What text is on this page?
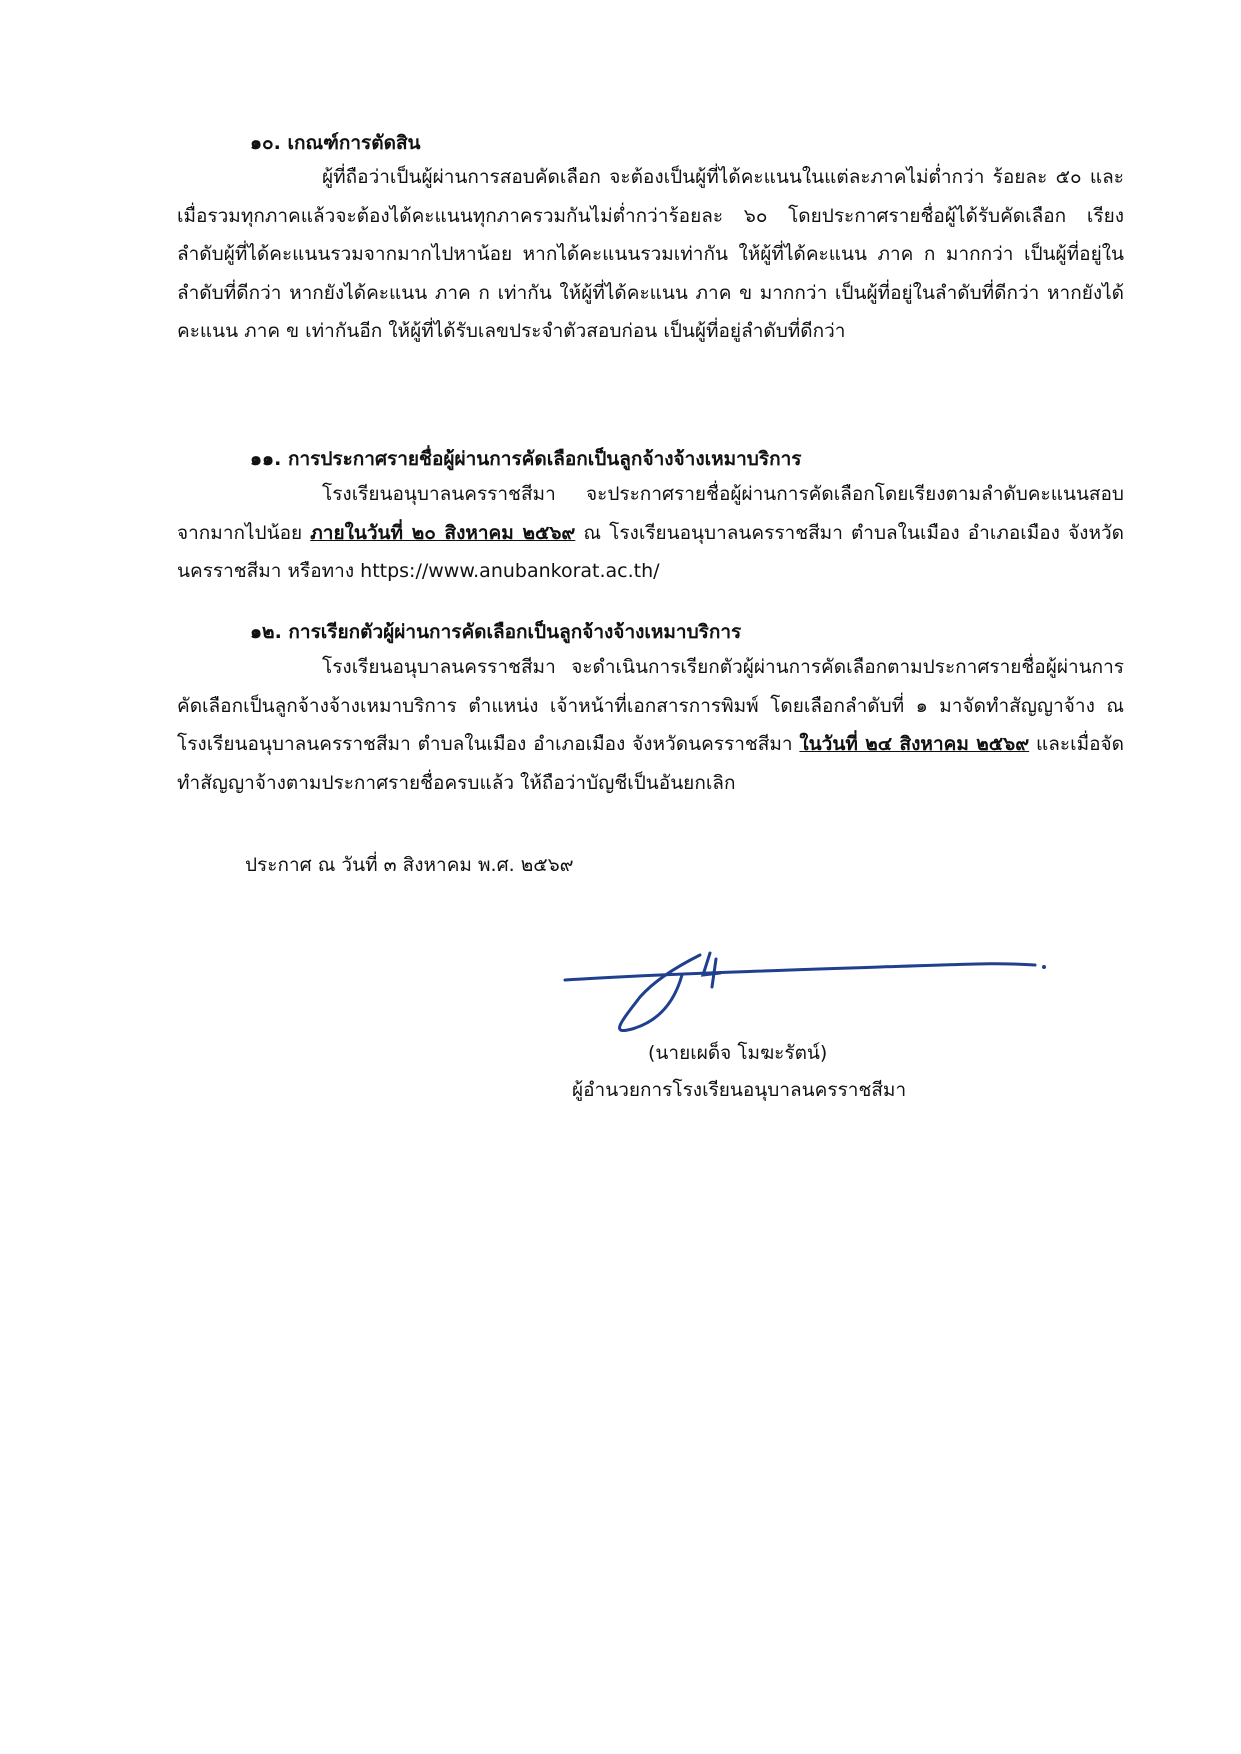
๑๐. เกณฑ์การตัดสิน

ผู้ที่ถือว่าเป็นผู้ผ่านการสอบคัดเลือก จะต้องเป็นผู้ที่ได้คะแนนในแต่ละภาคไม่ต่ำกว่า ร้อยละ ๕๐ และเมื่อรวมทุกภาคแล้วจะต้องได้คะแนนทุกภาครวมกันไม่ต่ำกว่าร้อยละ ๖๐ โดยประกาศรายชื่อผู้ได้รับคัดเลือก เรียงลำดับผู้ที่ได้คะแนนรวมจากมากไปหาน้อย หากได้คะแนนรวมเท่ากัน ให้ผู้ที่ได้คะแนน ภาค ก มากกว่า เป็นผู้ที่อยู่ในลำดับที่ดีกว่า หากยังได้คะแนน ภาค ก เท่ากัน ให้ผู้ที่ได้คะแนน ภาค ข มากกว่า เป็นผู้ที่อยู่ในลำดับที่ดีกว่า หากยังได้คะแนน ภาค ข เท่ากันอีก ให้ผู้ที่ได้รับเลขประจำตัวสอบก่อน เป็นผู้ที่อยู่ลำดับที่ดีกว่า

๑๑. การประกาศรายชื่อผู้ผ่านการคัดเลือกเป็นลูกจ้างจ้างเหมาบริการ

โรงเรียนอนุบาลนครราชสีมา จะประกาศรายชื่อผู้ผ่านการคัดเลือกโดยเรียงตามลำดับคะแนนสอบจากมากไปน้อย ภายในวันที่ ๒๐ สิงหาคม ๒๕๖๙ ณ โรงเรียนอนุบาลนครราชสีมา ตำบลในเมือง อำเภอเมือง จังหวัดนครราชสีมา หรือทาง https://www.anubankorat.ac.th/

๑๒. การเรียกตัวผู้ผ่านการคัดเลือกเป็นลูกจ้างจ้างเหมาบริการ

โรงเรียนอนุบาลนครราชสีมา จะดำเนินการเรียกตัวผู้ผ่านการคัดเลือกตามประกาศรายชื่อผู้ผ่านการคัดเลือกเป็นลูกจ้างจ้างเหมาบริการ ตำแหน่ง เจ้าหน้าที่เอกสารการพิมพ์ โดยเลือกลำดับที่ ๑ มาจัดทำสัญญาจ้าง ณ โรงเรียนอนุบาลนครราชสีมา ตำบลในเมือง อำเภอเมือง จังหวัดนครราชสีมา ในวันที่ ๒๔ สิงหาคม ๒๕๖๙ และเมื่อจัดทำสัญญาจ้างตามประกาศรายชื่อครบแล้ว ให้ถือว่าบัญชีเป็นอันยกเลิก

ประกาศ ณ วันที่ ๓ สิงหาคม พ.ศ. ๒๕๖๙
(นายเผด็จ โมฆะรัตน์)
ผู้อำนวยการโรงเรียนอนุบาลนครราชสีมา
